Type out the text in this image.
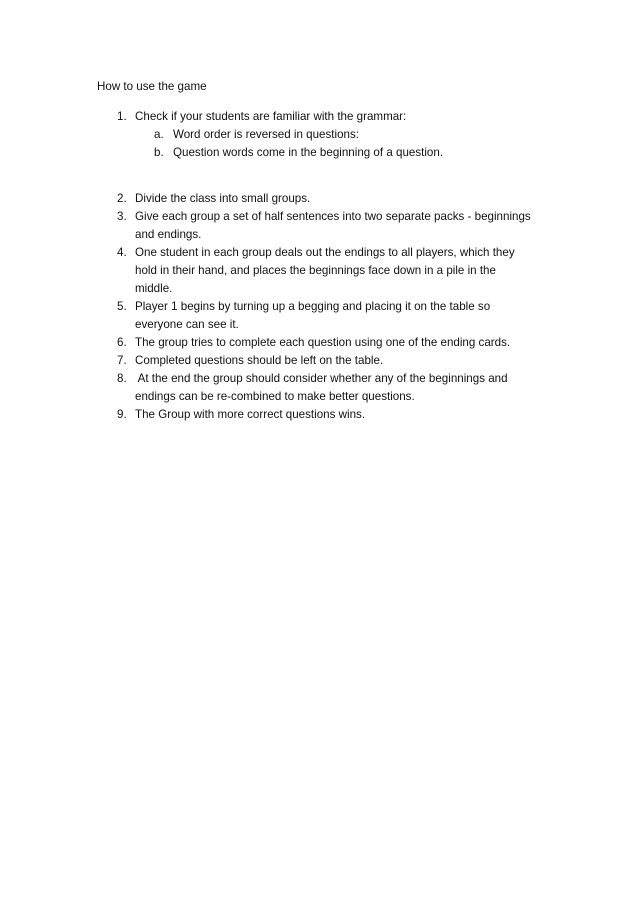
How to use the game
1. Check if your students are familiar with the grammar:
a. Word order is reversed in questions:
b. Question words come in the beginning of a question.
2. Divide the class into small groups.
3. Give each group a set of half sentences into two separate packs - beginnings
and endings.
4. One student in each group deals out the endings to all players, which they
hold in their hand, and places the beginnings face down in a pile in the
middle.
5. Player 1 begins by turning up a begging and placing it on the table so
everyone can see it.
6. The group tries to complete each question using one of the ending cards.
7. Completed questions should be left on the table.
8. At the end the group should consider whether any of the beginnings and
endings can be re-combined to make better questions.
9. The Group with more correct questions wins.
